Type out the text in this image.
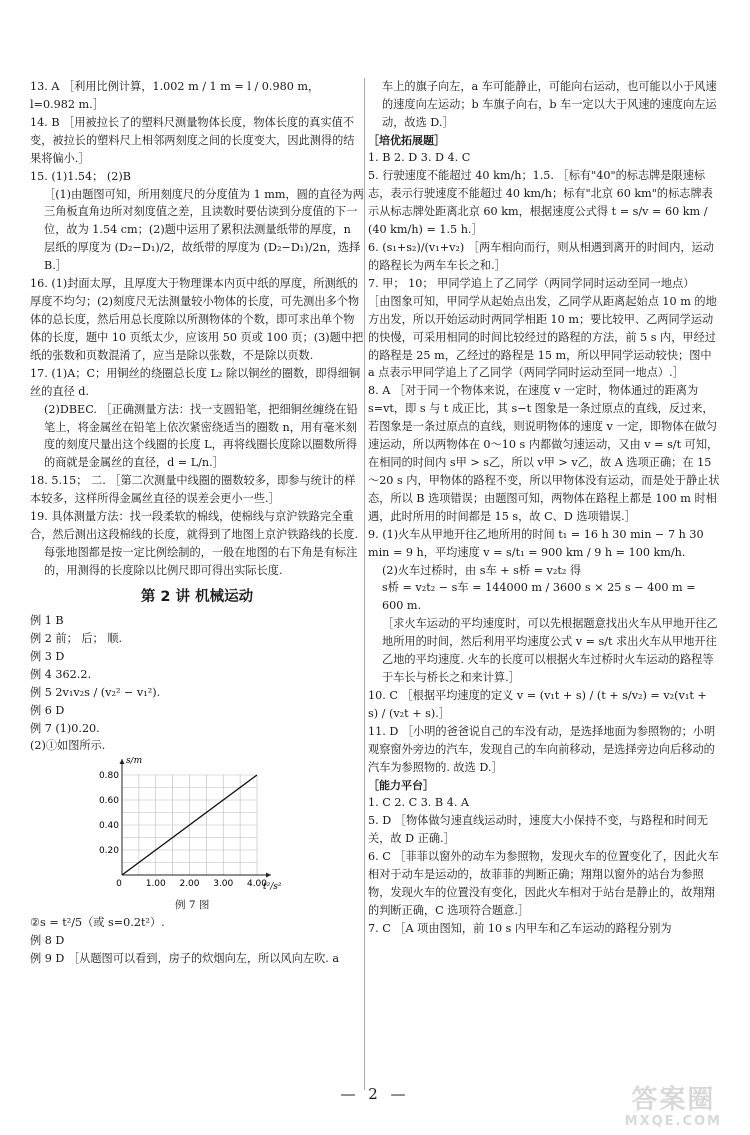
13. A ［利用比例计算，1.002 m / 1 m = l / 0.980 m，l=0.982 m.］

14. B ［用被拉长了的塑料尺测量物体长度，物体长度的真实值不变，被拉长的塑料尺上相邻两刻度之间的长度变大，因此测得的结果将偏小.］

15. (1)1.54； (2)B

［(1)由题图可知，所用刻度尺的分度值为 1 mm，圆的直径为两三角板直角边所对刻度值之差，且读数时要估读到分度值的下一位，故为 1.54 cm；(2)题中运用了累积法测量纸带的厚度，n 层纸的厚度为 (D₂−D₁)/2，故纸带的厚度为 (D₂−D₁)/2n，选择 B.］

16. (1)封面太厚，且厚度大于物理课本内页中纸的厚度，所测纸的厚度不均匀；(2)刻度尺无法测量较小物体的长度，可先测出多个物体的总长度，然后用总长度除以所测物体的个数，即可求出单个物体的长度，题中 10 页纸太少，应该用 50 页或 100 页；(3)题中把纸的张数和页数混淆了，应当是除以张数，不是除以页数.

17. (1)A；C；用铜丝的绕圈总长度 L₂ 除以铜丝的圈数，即得细铜丝的直径 d.

(2)DBEC. ［正确测量方法：找一支圆铅笔，把细铜丝缠绕在铅笔上，将金属丝在铅笔上依次紧密绕适当的圈数 n，用有毫米刻度的刻度尺量出这个线圈的长度 L，再将线圈长度除以圈数所得的商就是金属丝的直径，d = L/n.］

18. 5.15； 二. ［第二次测量中线圈的圈数较多，即参与统计的样本较多，这样所得金属丝直径的误差会更小一些.］

19. 具体测量方法：找一段柔软的棉线，使棉线与京沪铁路完全重合，然后测出这段棉线的长度，就得到了地图上京沪铁路线的长度.

每张地图都是按一定比例绘制的，一般在地图的右下角是有标注的，用测得的长度除以比例尺即可得出实际长度.

第 2 讲 机械运动

例 1 B

例 2 前； 后； 顺.

例 3 D

例 4 362.2.

例 5 2v₁v₂s / (v₂² − v₁²).

例 6 D

例 7 (1)0.20.

(2)①如图所示.

0	1.00 2.00 3.00 4.00
0.20
0.40
0.60
0.80
t²/s²
s/m
例 7 图

②s = t²/5（或 s=0.2t²）.

例 8 D

例 9 D ［从题图可以看到，房子的炊烟向左，所以风向左吹. a

车上的旗子向左，a 车可能静止，可能向右运动，也可能以小于风速的速度向左运动；b 车旗子向右，b 车一定以大于风速的速度向左运动，故选 D.］

［培优拓展题］

1. B 2. D 3. D 4. C

5. 行驶速度不能超过 40 km/h；1.5. ［标有"40"的标志牌是限速标志，表示行驶速度不能超过 40 km/h；标有"北京 60 km"的标志牌表示从标志牌处距离北京 60 km，根据速度公式得 t = s/v = 60 km / (40 km/h) = 1.5 h.］

6. (s₁+s₂)/(v₁+v₂) ［两车相向而行，则从相遇到离开的时间内，运动的路程长为两车车长之和.］

7. 甲； 10； 甲同学追上了乙同学（两同学同时运动至同一地点） ［由图象可知，甲同学从起始点出发，乙同学从距离起始点 10 m 的地方出发，所以开始运动时两同学相距 10 m；要比较甲、乙两同学运动的快慢，可采用相同的时间比较经过的路程的方法，前 5 s 内，甲经过的路程是 25 m，乙经过的路程是 15 m，所以甲同学运动较快；图中 a 点表示甲同学追上了乙同学（两同学同时运动至同一地点）.］

8. A ［对于同一个物体来说，在速度 v 一定时，物体通过的距离为 s=vt，即 s 与 t 成正比，其 s−t 图象是一条过原点的直线，反过来，若图象是一条过原点的直线，则说明物体的速度 v 一定，即物体在做匀速运动，所以两物体在 0～10 s 内都做匀速运动，又由 v = s/t 可知，在相同的时间内 s甲 > s乙，所以 v甲 > v乙，故 A 选项正确；在 15～20 s 内，甲物体的路程不变，所以甲物体没有运动，而是处于静止状态，所以 B 选项错误；由题图可知，两物体在路程上都是 100 m 时相遇，此时所用的时间都是 15 s，故 C、D 选项错误.］

9. (1)火车从甲地开往乙地所用的时间 t₁ = 16 h 30 min − 7 h 30 min = 9 h，平均速度 v = s/t₁ = 900 km / 9 h = 100 km/h.

(2)火车过桥时，由 s车 + s桥 = v₂t₂ 得

s桥 = v₂t₂ − s车 = 144000 m / 3600 s × 25 s − 400 m = 600 m.

［求火车运动的平均速度时，可以先根据题意找出火车从甲地开往乙地所用的时间，然后利用平均速度公式 v = s/t 求出火车从甲地开往乙地的平均速度. 火车的长度可以根据火车过桥时火车运动的路程等于车长与桥长之和来计算.］

10. C ［根据平均速度的定义 v = (v₁t + s) / (t + s/v₂) = v₂(v₁t + s) / (v₂t + s).］

11. D ［小明的爸爸说自己的车没有动，是选择地面为参照物的；小明观察窗外旁边的汽车，发现自己的车向前移动，是选择旁边向后移动的汽车为参照物的. 故选 D.］

［能力平台］

1. C 2. C 3. B 4. A

5. D ［物体做匀速直线运动时，速度大小保持不变，与路程和时间无关，故 D 正确.］

6. C ［菲菲以窗外的动车为参照物，发现火车的位置变化了，因此火车相对于动车是运动的，故菲菲的判断正确；翔翔以窗外的站台为参照物，发现火车的位置没有变化，因此火车相对于站台是静止的，故翔翔的判断正确，C 选项符合题意.］

7. C ［A 项由图知，前 10 s 内甲车和乙车运动的路程分别为

— 2 —	答案圈
MXQE.COM
